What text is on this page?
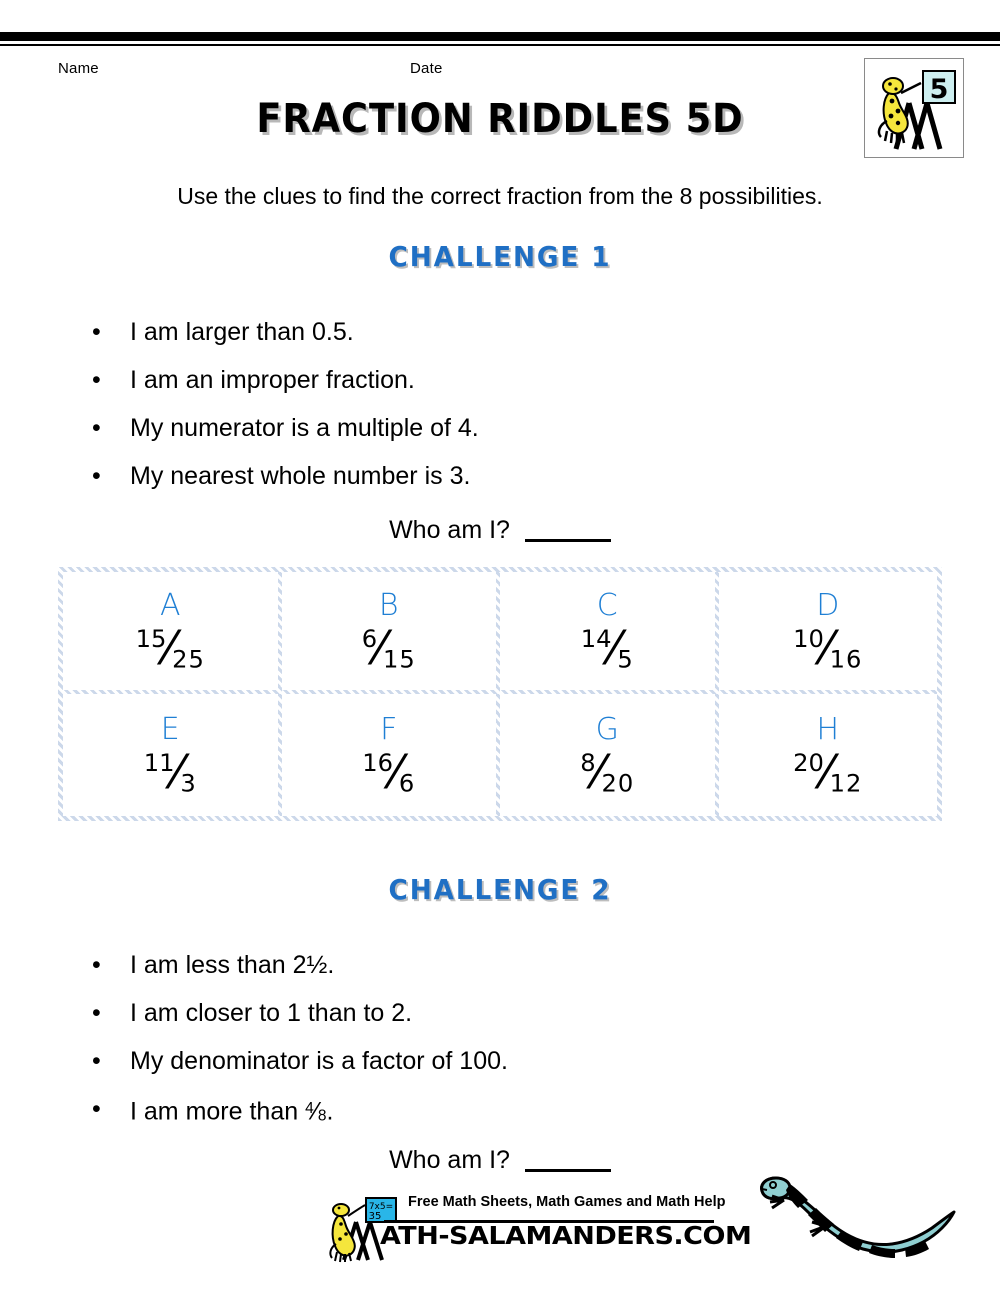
Name	Date
FRACTION RIDDLES 5D
5
Use the clues to find the correct fraction from the 8 possibilities.
CHALLENGE 1
• I am larger than 0.5.
• I am an improper fraction.
• My numerator is a multiple of 4.
• My nearest whole number is 3.
Who am I?
A
$^{15}⁄_{25}$
B
$^6⁄_{15}$
C
$^{14}⁄_5$
D
$^{10}⁄_{16}$
E
$^{11}⁄_3$
F
$^{16}⁄_6$
G
$^8⁄_{20}$
H
$^{20}⁄_{12}$
CHALLENGE 2
• I am less than 2½.
• I am closer to 1 than to 2.
• My denominator is a factor of 100.
• I am more than $^4⁄_8$.
Who am I?
7x5=
35
Free Math Sheets, Math Games and Math Help
ATH-SALAMANDERS.COM
